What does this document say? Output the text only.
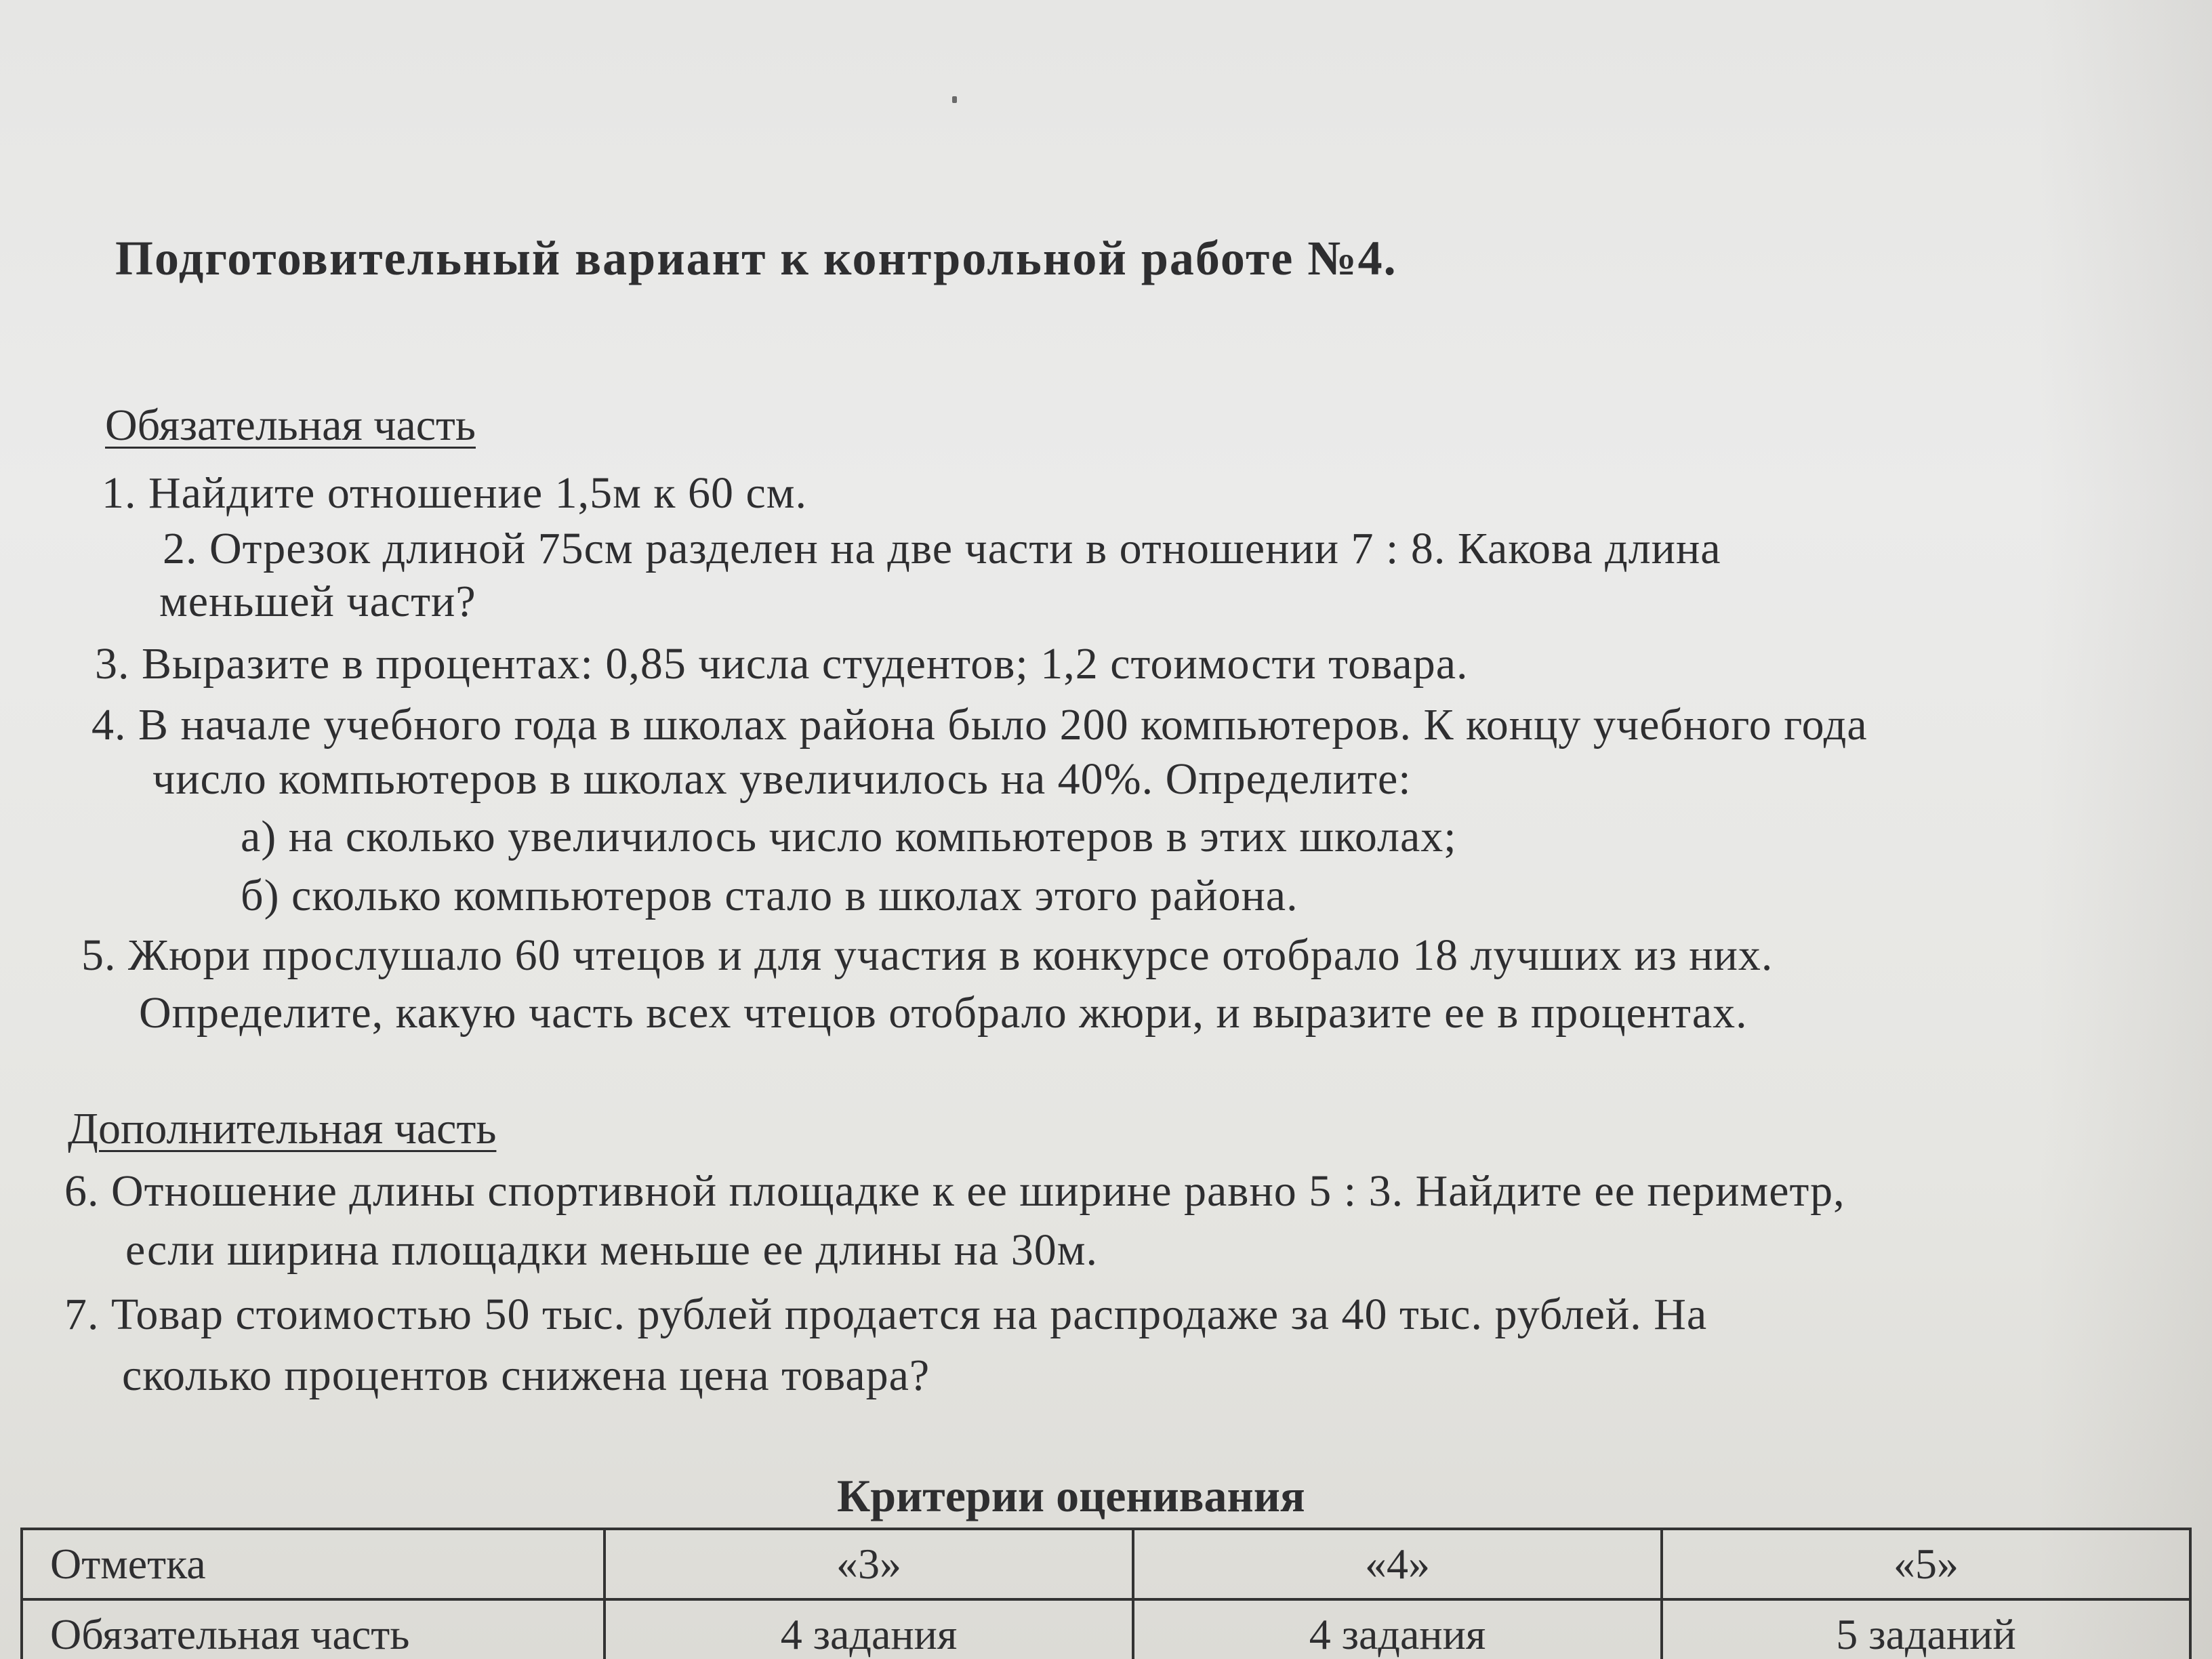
Подготовительный вариант к контрольной работе №4.
Обязательная часть
1. Найдите отношение 1,5м к 60 см.
2. Отрезок длиной 75см разделен на две части в отношении 7 : 8. Какова длина
меньшей части?
3. Выразите в процентах: 0,85 числа студентов; 1,2 стоимости товара.
4. В начале учебного года в школах района было 200 компьютеров. К концу учебного года
число компьютеров в школах увеличилось на 40%. Определите:
а) на сколько увеличилось число компьютеров в этих школах;
б) сколько компьютеров стало в школах этого района.
5. Жюри прослушало 60 чтецов и для участия в конкурсе отобрало 18 лучших из них.
Определите, какую часть всех чтецов отобрало жюри, и выразите ее в процентах.
Дополнительная часть
6. Отношение длины спортивной площадке к ее ширине равно 5 : 3. Найдите ее периметр,
если ширина площадки меньше ее длины на 30м.
7. Товар стоимостью 50 тыс. рублей продается на распродаже за 40 тыс. рублей. На
сколько процентов снижена цена товара?
Критерии оценивания
Отметка	«3»	«4»	«5»
Обязательная часть	4 задания	4 задания	5 заданий
